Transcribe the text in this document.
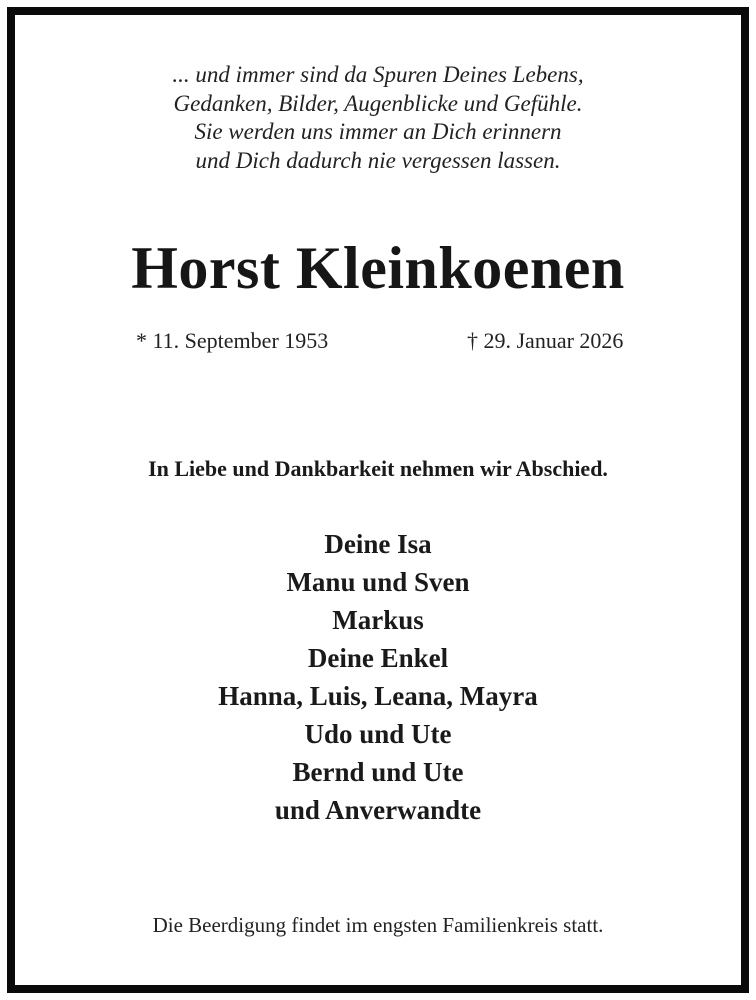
... und immer sind da Spuren Deines Lebens,
Gedanken, Bilder, Augenblicke und Gefühle.
Sie werden uns immer an Dich erinnern
und Dich dadurch nie vergessen lassen.
Horst Kleinkoenen
* 11. September 1953	† 29. Januar 2026
In Liebe und Dankbarkeit nehmen wir Abschied.
Deine Isa
Manu und Sven
Markus
Deine Enkel
Hanna, Luis, Leana, Mayra
Udo und Ute
Bernd und Ute
und Anverwandte
Die Beerdigung findet im engsten Familienkreis statt.
